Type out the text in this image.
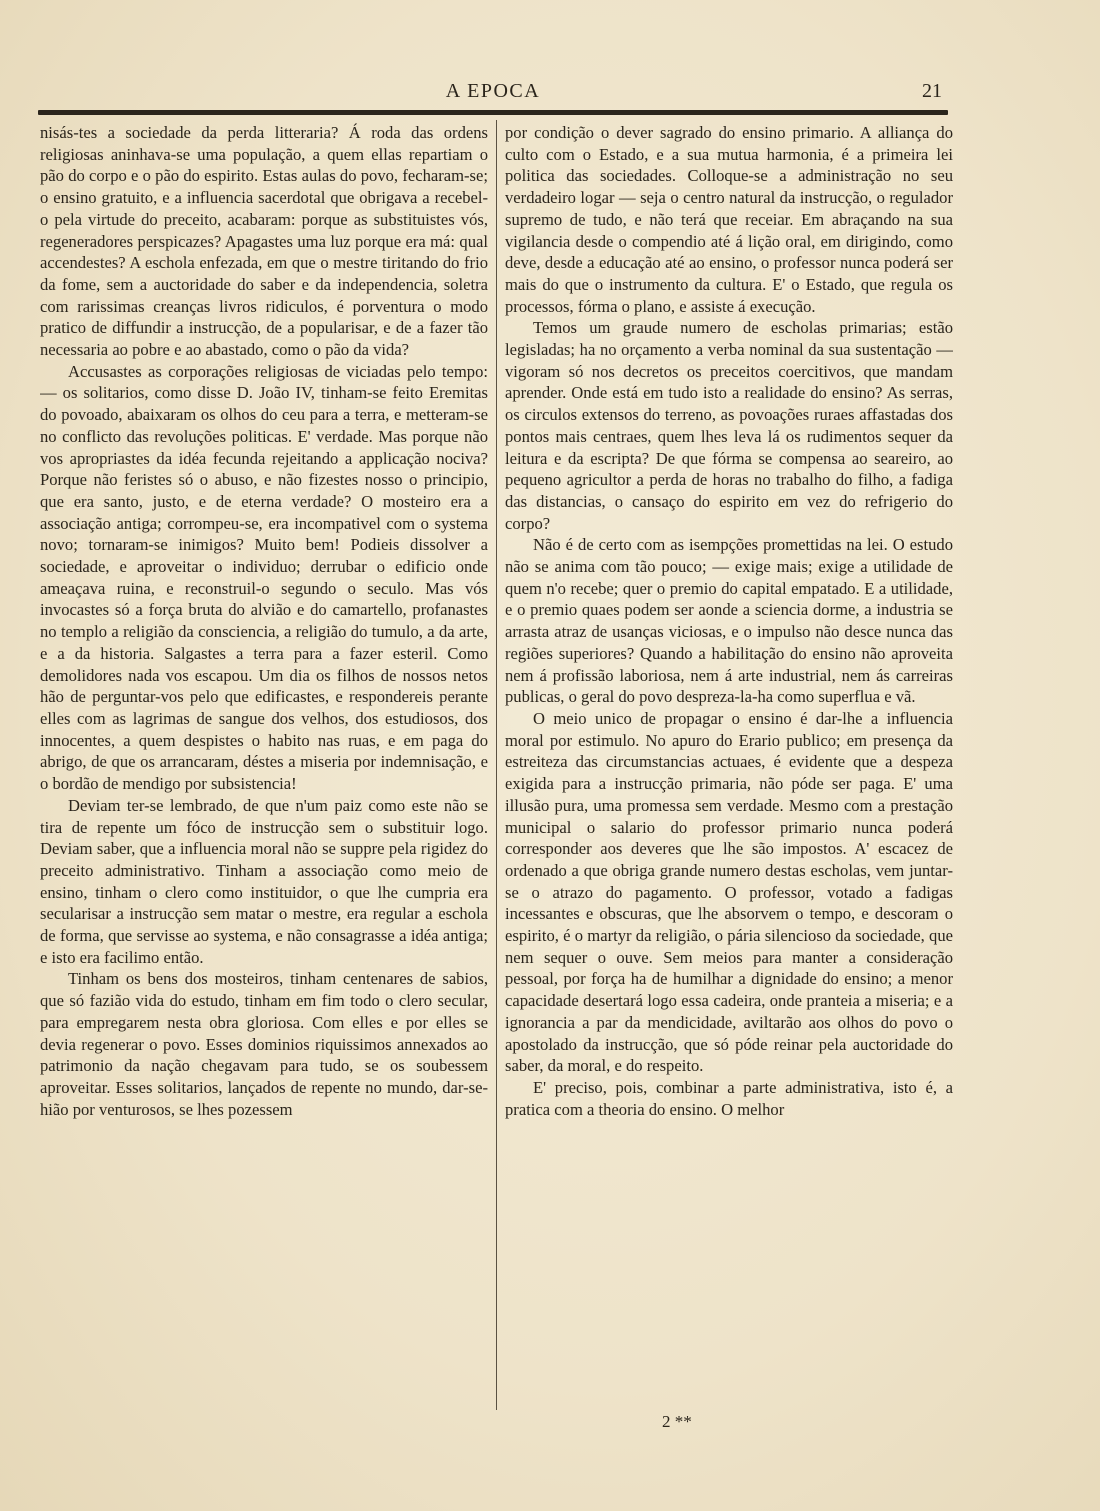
A EPOCA	21

nisás-tes a sociedade da perda litteraria? Á roda das ordens religiosas aninhava-se uma população, a quem ellas repartiam o pão do corpo e o pão do espirito. Estas aulas do povo, fecharam-se; o ensino gratuito, e a influencia sacerdotal que obrigava a recebel-o pela virtude do preceito, acabaram: porque as substituistes vós, regeneradores perspicazes? Apagastes uma luz porque era má: qual accendestes? A eschola enfezada, em que o mestre tiritando do frio da fome, sem a auctoridade do saber e da independencia, soletra com rarissimas creanças livros ridiculos, é porventura o modo pratico de diffundir a instrucção, de a popularisar, e de a fazer tão necessaria ao pobre e ao abastado, como o pão da vida?

Accusastes as corporações religiosas de viciadas pelo tempo: — os solitarios, como disse D. João IV, tinham-se feito Eremitas do povoado, abaixaram os olhos do ceu para a terra, e metteram-se no conflicto das revoluções politicas. E' verdade. Mas porque não vos apropriastes da idéa fecunda rejeitando a applicação nociva? Porque não feristes só o abuso, e não fizestes nosso o principio, que era santo, justo, e de eterna verdade? O mosteiro era a associação antiga; corrompeu-se, era incompativel com o systema novo; tornaram-se inimigos? Muito bem! Podieis dissolver a sociedade, e aproveitar o individuo; derrubar o edificio onde ameaçava ruina, e reconstruil-o segundo o seculo. Mas vós invocastes só a força bruta do alvião e do camartello, profanastes no templo a religião da consciencia, a religião do tumulo, a da arte, e a da historia. Salgastes a terra para a fazer esteril. Como demolidores nada vos escapou. Um dia os filhos de nossos netos hão de perguntar-vos pelo que edificastes, e respondereis perante elles com as lagrimas de sangue dos velhos, dos estudiosos, dos innocentes, a quem despistes o habito nas ruas, e em paga do abrigo, de que os arrancaram, déstes a miseria por indemnisação, e o bordão de mendigo por subsistencia!

Deviam ter-se lembrado, de que n'um paiz como este não se tira de repente um fóco de instrucção sem o substituir logo. Deviam saber, que a influencia moral não se suppre pela rigidez do preceito administrativo. Tinham a associação como meio de ensino, tinham o clero como instituidor, o que lhe cumpria era secularisar a instrucção sem matar o mestre, era regular a eschola de forma, que servisse ao systema, e não consagrasse a idéa antiga; e isto era facilimo então.

Tinham os bens dos mosteiros, tinham centenares de sabios, que só fazião vida do estudo, tinham em fim todo o clero secular, para empregarem nesta obra gloriosa. Com elles e por elles se devia regenerar o povo. Esses dominios riquissimos annexados ao patrimonio da nação chegavam para tudo, se os soubessem aproveitar. Esses solitarios, lançados de repente no mundo, dar-se-hião por venturosos, se lhes pozessem

por condição o dever sagrado do ensino primario. A alliança do culto com o Estado, e a sua mutua harmonia, é a primeira lei politica das sociedades. Colloque-se a administração no seu verdadeiro logar — seja o centro natural da instrucção, o regulador supremo de tudo, e não terá que receiar. Em abraçando na sua vigilancia desde o compendio até á lição oral, em dirigindo, como deve, desde a educação até ao ensino, o professor nunca poderá ser mais do que o instrumento da cultura. E' o Estado, que regula os processos, fórma o plano, e assiste á execução.

Temos um graude numero de escholas primarias; estão legisladas; ha no orçamento a verba nominal da sua sustentação — vigoram só nos decretos os preceitos coercitivos, que mandam aprender. Onde está em tudo isto a realidade do ensino? As serras, os circulos extensos do terreno, as povoações ruraes affastadas dos pontos mais centraes, quem lhes leva lá os rudimentos sequer da leitura e da escripta? De que fórma se compensa ao seareiro, ao pequeno agricultor a perda de horas no trabalho do filho, a fadiga das distancias, o cansaço do espirito em vez do refrigerio do corpo?

Não é de certo com as isempções promettidas na lei. O estudo não se anima com tão pouco; — exige mais; exige a utilidade de quem n'o recebe; quer o premio do capital empatado. E a utilidade, e o premio quaes podem ser aonde a sciencia dorme, a industria se arrasta atraz de usanças viciosas, e o impulso não desce nunca das regiões superiores? Quando a habilitação do ensino não aproveita nem á profissão laboriosa, nem á arte industrial, nem ás carreiras publicas, o geral do povo despreza-la-ha como superflua e vã.

O meio unico de propagar o ensino é dar-lhe a influencia moral por estimulo. No apuro do Erario publico; em presença da estreiteza das circumstancias actuaes, é evidente que a despeza exigida para a instrucção primaria, não póde ser paga. E' uma illusão pura, uma promessa sem verdade. Mesmo com a prestação municipal o salario do professor primario nunca poderá corresponder aos deveres que lhe são impostos. A' escacez de ordenado a que obriga grande numero destas escholas, vem juntar-se o atrazo do pagamento. O professor, votado a fadigas incessantes e obscuras, que lhe absorvem o tempo, e descoram o espirito, é o martyr da religião, o pária silencioso da sociedade, que nem sequer o ouve. Sem meios para manter a consideração pessoal, por força ha de humilhar a dignidade do ensino; a menor capacidade desertará logo essa cadeira, onde pranteia a miseria; e a ignorancia a par da mendicidade, aviltarão aos olhos do povo o apostolado da instrucção, que só póde reinar pela auctoridade do saber, da moral, e do respeito.

E' preciso, pois, combinar a parte administrativa, isto é, a pratica com a theoria do ensino. O melhor

2 **
